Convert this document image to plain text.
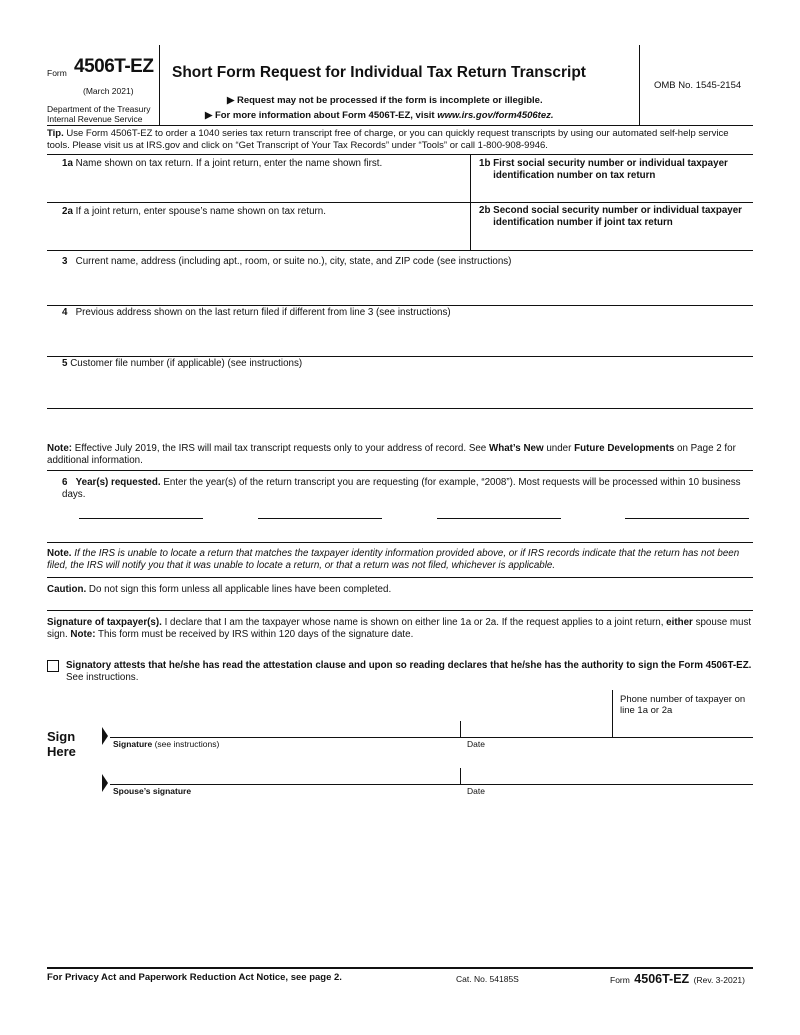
Form 4506T-EZ
(March 2021)
Department of the Treasury
Internal Revenue Service
Short Form Request for Individual Tax Return Transcript
▶ Request may not be processed if the form is incomplete or illegible.
▶ For more information about Form 4506T-EZ, visit www.irs.gov/form4506tez.
OMB No. 1545-2154
Tip. Use Form 4506T-EZ to order a 1040 series tax return transcript free of charge, or you can quickly request transcripts by using our automated self-help service tools. Please visit us at IRS.gov and click on “Get Transcript of Your Tax Records” under “Tools” or call 1-800-908-9946.
1a Name shown on tax return. If a joint return, enter the name shown first.	1b First social security number or individual taxpayer identification number on tax return
2a If a joint return, enter spouse’s name shown on tax return.	2b Second social security number or individual taxpayer identification number if joint tax return
3 Current name, address (including apt., room, or suite no.), city, state, and ZIP code (see instructions)
4 Previous address shown on the last return filed if different from line 3 (see instructions)
5 Customer file number (if applicable) (see instructions)
Note: Effective July 2019, the IRS will mail tax transcript requests only to your address of record. See What’s New under Future Developments on Page 2 for additional information.
6 Year(s) requested. Enter the year(s) of the return transcript you are requesting (for example, “2008”). Most requests will be processed within 10 business days.
Note. If the IRS is unable to locate a return that matches the taxpayer identity information provided above, or if IRS records indicate that the return has not been filed, the IRS will notify you that it was unable to locate a return, or that a return was not filed, whichever is applicable.
Caution. Do not sign this form unless all applicable lines have been completed.
Signature of taxpayer(s). I declare that I am the taxpayer whose name is shown on either line 1a or 2a. If the request applies to a joint return, either spouse must sign. Note: This form must be received by IRS within 120 days of the signature date.
Signatory attests that he/she has read the attestation clause and upon so reading declares that he/she has the authority to sign the Form 4506T-EZ. See instructions.
Phone number of taxpayer on line 1a or 2a
Sign
Here	Signature (see instructions)	Date
Spouse’s signature	Date
For Privacy Act and Paperwork Reduction Act Notice, see page 2.	Cat. No. 54185S	Form 4506T-EZ (Rev. 3-2021)
